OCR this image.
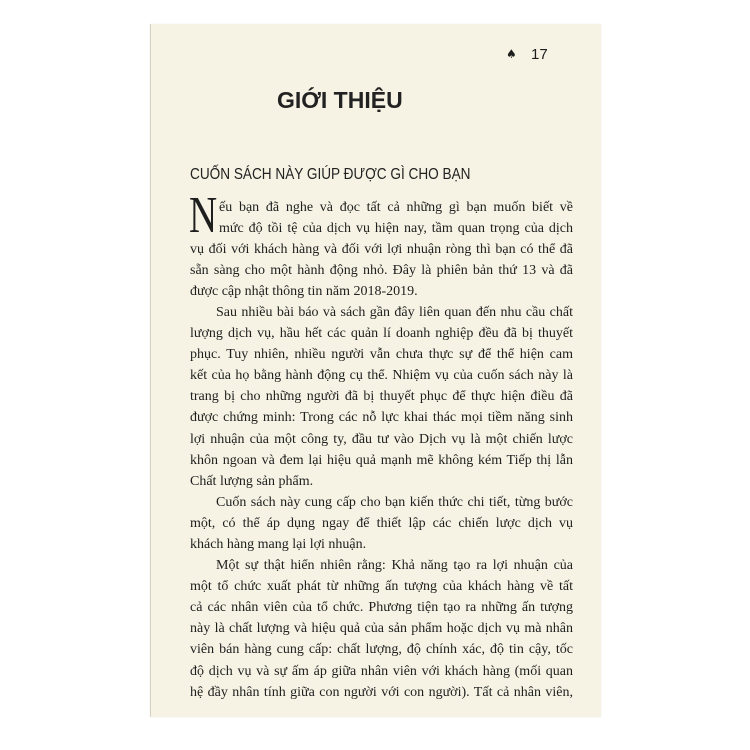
♠
17
GIỚI THIỆU
CUỐN SÁCH NÀY GIÚP ĐƯỢC GÌ CHO BẠN
N ếu bạn đã nghe và đọc tất cả những gì bạn muốn biết về
mức độ tồi tệ của dịch vụ hiện nay, tầm quan trọng của dịch
vụ đối với khách hàng và đối với lợi nhuận ròng thì bạn có thể đã
sẵn sàng cho một hành động nhỏ. Đây là phiên bản thứ 13 và đã
được cập nhật thông tin năm 2018-2019.
Sau nhiều bài báo và sách gần đây liên quan đến nhu cầu chất
lượng dịch vụ, hầu hết các quản lí doanh nghiệp đều đã bị thuyết
phục. Tuy nhiên, nhiều người vẫn chưa thực sự để thể hiện cam
kết của họ bằng hành động cụ thể. Nhiệm vụ của cuốn sách này là
trang bị cho những người đã bị thuyết phục để thực hiện điều đã
được chứng minh: Trong các nỗ lực khai thác mọi tiềm năng sinh
lợi nhuận của một công ty, đầu tư vào Dịch vụ là một chiến lược
khôn ngoan và đem lại hiệu quả mạnh mẽ không kém Tiếp thị lẫn
Chất lượng sản phẩm.
Cuốn sách này cung cấp cho bạn kiến thức chi tiết, từng bước
một, có thể áp dụng ngay để thiết lập các chiến lược dịch vụ
khách hàng mang lại lợi nhuận.
Một sự thật hiển nhiên rằng: Khả năng tạo ra lợi nhuận của
một tổ chức xuất phát từ những ấn tượng của khách hàng về tất
cả các nhân viên của tổ chức. Phương tiện tạo ra những ấn tượng
này là chất lượng và hiệu quả của sản phẩm hoặc dịch vụ mà nhân
viên bán hàng cung cấp: chất lượng, độ chính xác, độ tin cậy, tốc
độ dịch vụ và sự ấm áp giữa nhân viên với khách hàng (mối quan
hệ đầy nhân tính giữa con người với con người). Tất cả nhân viên,
